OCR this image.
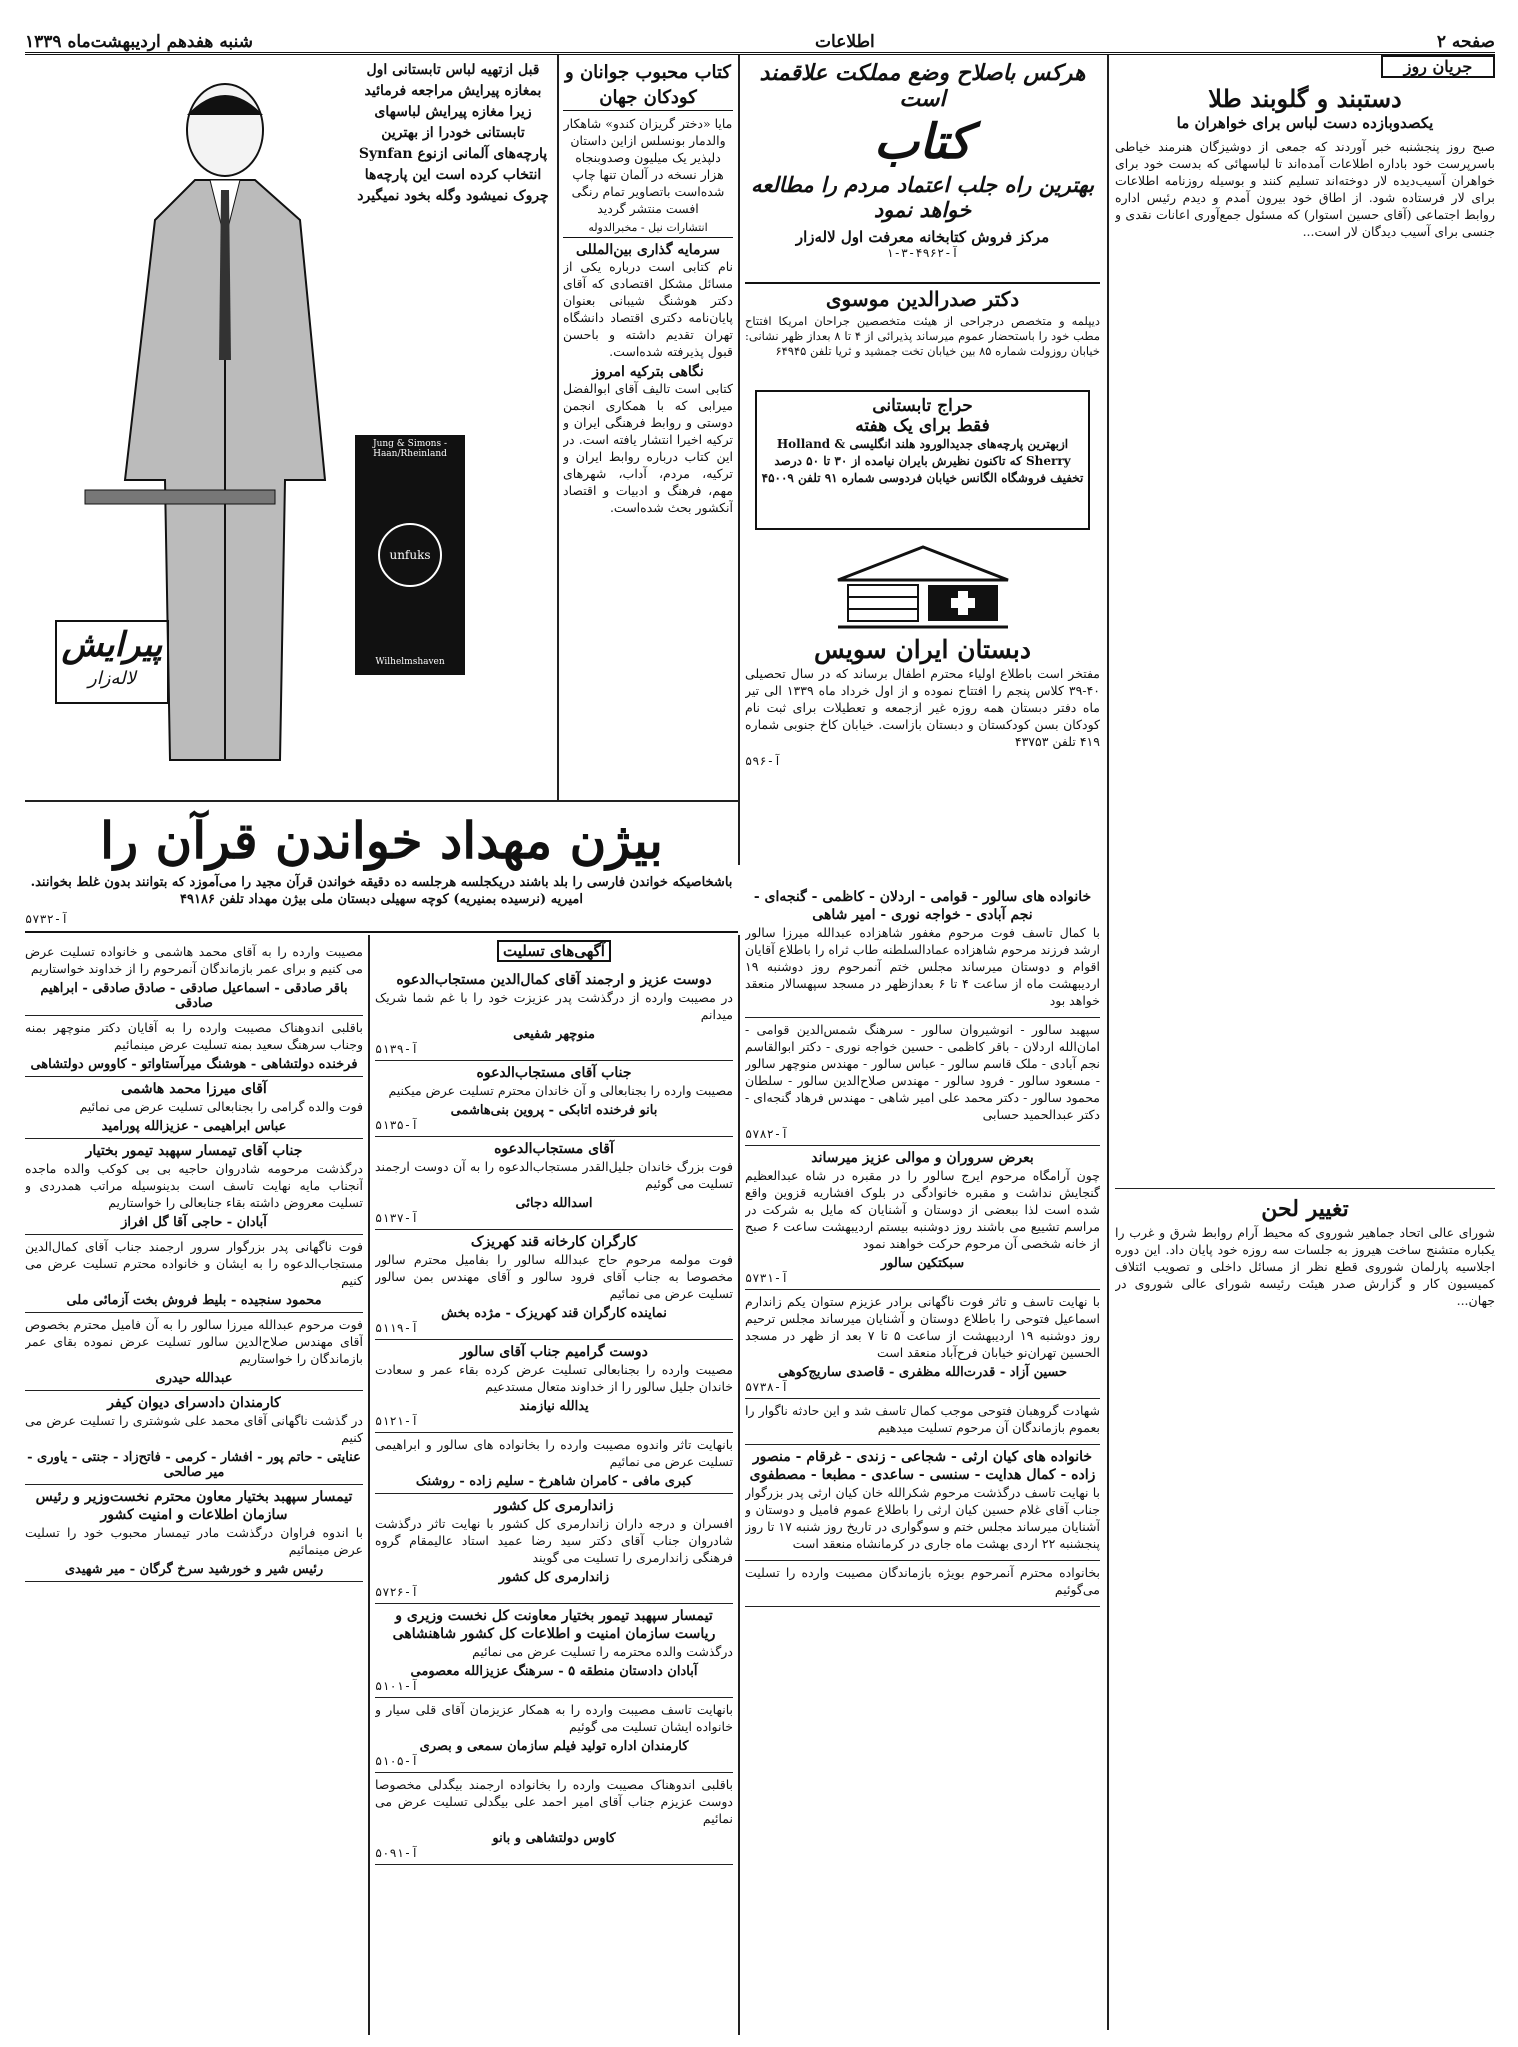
صفحه ۲
اطلاعات
شنبه هفدهم اردیبهشت‌ماه ۱۳۳۹
جریان روز
دستبند و گلوبند طلا
یکصدوبازده دست لباس برای خواهران ما

صبح روز پنجشنبه خبر آوردند که جمعی از دوشیزگان هنرمند خیاطی باسرپرست خود باداره اطلاعات آمده‌اند تا لباسهائی که بدست خود برای خواهران آسیب‌دیده لار دوخته‌اند تسلیم کنند و بوسیله روزنامه اطلاعات برای لار فرستاده شود. از اطاق خود بیرون آمدم و دیدم رئیس اداره روابط اجتماعی (آقای حسین استوار) که مسئول جمع‌آوری اعانات نقدی و جنسی برای آسیب دیدگان لار است...

تغییر لحن

شورای عالی اتحاد جماهیر شوروی که محیط آرام روابط شرق و غرب را یکباره متشنج ساخت هیروز به جلسات سه روزه خود پایان داد. این دوره اجلاسیه پارلمان شوروی قطع نظر از مسائل داخلی و تصویب ائتلاف کمیسیون کار و گزارش صدر هیئت رئیسه شورای عالی شوروی در جهان...

هرکس باصلاح وضع مملکت علاقمند است
کتاب
بهترین راه جلب اعتماد مردم را مطالعه خواهد نمود
مرکز فروش کتابخانه معرفت اول لاله‌زار
آ-۴۹۶۲-۳-۱
دکتر صدرالدین موسوی

دیپلمه و متخصص درجراحی از هیئت متخصصین جراحان امریکا افتتاح مطب خود را باستحضار عموم میرساند پذیرائی از ۴ تا ۸ بعداز ظهر نشانی: خیابان روزولت شماره ۸۵ بین خیابان تخت جمشید و ثریا تلفن ۶۴۹۴۵

حراج تابستانی
فقط برای یک هفته

ازبهترین پارچه‌های جدیدالورود هلند انگلیسی Holland & Sherry که تاکنون نظیرش بایران نیامده از ۳۰ تا ۵۰ درصد تخفیف فروشگاه الگانس خیابان فردوسی شماره ۹۱ تلفن ۴۵۰۰۹

دبستان ایران سویس

مفتخر است باطلاع اولیاء محترم اطفال برساند که در سال تحصیلی ۴۰-۳۹ کلاس پنجم را افتتاح نموده و از اول خرداد ماه ۱۳۳۹ الی تیر ماه دفتر دبستان همه روزه غیر ازجمعه و تعطیلات برای ثبت نام کودکان بسن کودکستان و دبستان بازاست. خیابان کاخ جنوبی شماره ۴۱۹ تلفن ۴۳۷۵۳

آ-۵۹۶
کتاب محبوب جوانان و کودکان جهان

مایا «دختر گریزان کندو» شاهکار والدمار بونسلس ازاین داستان دلپذیر یک میلیون وصدوبنجاه هزار نسخه در آلمان تنها چاپ شده‌است باتصاویر تمام رنگی افست منتشر گردید

انتشارات نیل - مخبرالدوله
سرمایه گذاری بین‌المللی

نام کتابی است درباره یکی از مسائل مشکل اقتصادی که آقای دکتر هوشنگ شیبانی بعنوان پایان‌نامه دکتری اقتصاد دانشگاه تهران تقدیم داشته و باحسن قبول پذیرفته شده‌است.

نگاهی بترکیه امروز

کتابی است تالیف آقای ابوالفضل میرابی که با همکاری انجمن دوستی و روابط فرهنگی ایران و ترکیه اخیرا انتشار یافته است. در این کتاب درباره روابط ایران و ترکیه، مردم، آداب، شهرهای مهم، فرهنگ و ادبیات و اقتصاد آنکشور بحث شده‌است.

قبل ازتهیه لباس تابستانی اول بمغازه پیرایش مراجعه فرمائید زیرا مغازه پیرایش لباسهای تابستانی خودرا از بهترین پارچه‌های آلمانی ازنوع Synfan انتخاب کرده است این پارچه‌ها چروک نمیشود وگله بخود نمیگیرد

Jung & Simons - Haan/Rheinland
unfuks
Wilhelmshaven
پیرایش
لاله‌زار
بیژن مهداد خواندن قرآن را

باشخاصیکه خواندن فارسی را بلد باشند دریکجلسه هرجلسه ده دقیقه خواندن قرآن مجید را می‌آموزد که بتوانند بدون غلط بخوانند. امیریه (نرسیده بمنیریه) کوچه سهیلی دبستان ملی بیژن مهداد تلفن ۴۹۱۸۶

آ-۵۷۳۲
خانواده های سالور - قوامی - اردلان - کاظمی - گنجه‌ای - نجم آبادی - خواجه نوری - امیر شاهی

با کمال تاسف فوت مرحوم مغفور شاهزاده عبدالله میرزا سالور ارشد فرزند مرحوم شاهزاده عمادالسلطنه طاب ثراه را باطلاع آقایان اقوام و دوستان میرساند مجلس ختم آنمرحوم روز دوشنبه ۱۹ اردیبهشت ماه از ساعت ۴ تا ۶ بعدازظهر در مسجد سپهسالار منعقد خواهد بود

سپهبد سالور - انوشیروان سالور - سرهنگ شمس‌الدین قوامی - امان‌الله اردلان - باقر کاظمی - حسین خواجه نوری - دکتر ابوالقاسم نجم آبادی - ملک قاسم سالور - عباس سالور - مهندس منوچهر سالور - مسعود سالور - فرود سالور - مهندس صلاح‌الدین سالور - سلطان محمود سالور - دکتر محمد علی امیر شاهی - مهندس فرهاد گنجه‌ای - دکتر عبدالحمید حسابی

آ-۵۷۸۲
بعرض سروران و موالی عزیز میرساند

چون آرامگاه مرحوم ایرج سالور را در مقبره در شاه عبدالعظیم گنجایش نداشت و مقبره خانوادگی در بلوک افشاریه قزوین واقع شده است لذا ببعضی از دوستان و آشنایان که مایل به شرکت در مراسم تشییع می باشند روز دوشنبه بیستم اردیبهشت ساعت ۶ صبح از خانه شخصی آن مرحوم حرکت خواهند نمود

سبکتکین سالور
آ-۵۷۳۱

با نهایت تاسف و تاثر فوت ناگهانی برادر عزیزم ستوان یکم زاندارم اسماعیل فتوحی را باطلاع دوستان و آشنایان میرساند مجلس ترحیم روز دوشنبه ۱۹ اردیبهشت از ساعت ۵ تا ۷ بعد از ظهر در مسجد الحسین تهران‌نو خیابان فرح‌آباد منعقد است

حسین آزاد - قدرت‌الله مظفری - قاصدی ساریج‌کوهی
آ-۵۷۳۸

شهادت گروهبان فتوحی موجب کمال تاسف شد و این حادثه ناگوار را بعموم بازماندگان آن مرحوم تسلیت میدهیم

خانواده های کیان ارثی - شجاعی - زندی - غرقام - منصور زاده - کمال هدایت - سنسی - ساعدی - مطبعا - مصطفوی

با نهایت تاسف درگذشت مرحوم شکرالله خان کیان ارثی پدر بزرگوار جناب آقای غلام حسین کیان ارثی را باطلاع عموم فامیل و دوستان و آشنایان میرساند مجلس ختم و سوگواری در تاریخ روز شنبه ۱۷ تا روز پنجشنبه ۲۲ اردی بهشت ماه جاری در کرمانشاه منعقد است

بخانواده محترم آنمرحوم بویژه بازماندگان مصیبت وارده را تسلیت می‌گوئیم

آگهی‌های تسلیت
دوست عزیز و ارجمند آقای کمال‌الدین مستجاب‌الدعوه

در مصیبت وارده از درگذشت پدر عزیزت خود را با غم شما شریک میدانم

منوچهر شفیعی
آ-۵۱۳۹
جناب آقای مستجاب‌الدعوه

مصیبت وارده را بجنابعالی و آن خاندان محترم تسلیت عرض میکنیم

بانو فرخنده اتابکی - پروین بنی‌هاشمی
آ-۵۱۳۵
آقای مستجاب‌الدعوه

فوت بزرگ خاندان جلیل‌القدر مستجاب‌الدعوه را به آن دوست ارجمند تسلیت می گوئیم

اسدالله دجائی
آ-۵۱۳۷
کارگران کارخانه قند کهریزک

فوت مولمه مرحوم حاج عبدالله سالور را بفامیل محترم سالور مخصوصا به جناب آقای فرود سالور و آقای مهندس بمن سالور تسلیت عرض می نمائیم

نماینده کارگران قند کهریزک - مژده بخش
آ-۵۱۱۹
دوست گرامیم جناب آقای سالور

مصیبت وارده را بجنابعالی تسلیت عرض کرده بقاء عمر و سعادت خاندان جلیل سالور را از خداوند متعال مستدعیم

یدالله نیازمند
آ-۵۱۲۱

بانهایت تاثر واندوه مصیبت وارده را بخانواده های سالور و ابراهیمی تسلیت عرض می نمائیم

کبری مافی - کامران شاهرخ - سلیم زاده - روشنک
زاندارمری کل کشور

افسران و درجه داران زاندارمری کل کشور با نهایت تاثر درگذشت شادروان جناب آقای دکتر سید رضا عمید استاد عالیمقام گروه فرهنگی زاندارمری را تسلیت می گویند

زاندارمری کل کشور
آ-۵۷۲۶
تیمسار سپهبد تیمور بختیار معاونت کل نخست وزیری و ریاست سازمان امنیت و اطلاعات کل کشور شاهنشاهی

درگذشت والده محترمه را تسلیت عرض می نمائیم

آبادان دادستان منطقه ۵ - سرهنگ عزیزالله معصومی
آ-۵۱۰۱

بانهایت تاسف مصیبت وارده را به همکار عزیزمان آقای قلی سیار و خانواده ایشان تسلیت می گوئیم

کارمندان اداره تولید فیلم سازمان سمعی و بصری
آ-۵۱۰۵

باقلبی اندوهناک مصیبت وارده را بخانواده ارجمند بیگدلی مخصوصا دوست عزیزم جناب آقای امیر احمد علی بیگدلی تسلیت عرض می نمائیم

کاوس دولتشاهی و بانو
آ-۵۰۹۱

مصیبت وارده را به آقای محمد هاشمی و خانواده تسلیت عرض می کنیم و برای عمر بازماندگان آنمرحوم را از خداوند خواستاریم

باقر صادقی - اسماعیل صادقی - صادق صادقی - ابراهیم صادقی

باقلبی اندوهناک مصیبت وارده را به آقایان دکتر منوچهر بمنه وجناب سرهنگ سعید بمنه تسلیت عرض مینمائیم

فرخنده دولتشاهی - هوشنگ میرآستاواتو - کاووس دولتشاهی
آقای میرزا محمد هاشمی

فوت والده گرامی را بجنابعالی تسلیت عرض می نمائیم

عباس ابراهیمی - عزیزالله پورامید
جناب آقای تیمسار سپهبد تیمور بختیار

درگذشت مرحومه شادروان حاجیه بی بی کوکب والده ماجده آنجناب مایه نهایت تاسف است بدینوسیله مراتب همدردی و تسلیت معروض داشته بقاء جنابعالی را خواستاریم

آبادان - حاجی آقا گل افراز

فوت ناگهانی پدر بزرگوار سرور ارجمند جناب آقای کمال‌الدین مستجاب‌الدعوه را به ایشان و خانواده محترم تسلیت عرض می کنیم

محمود سنجیده - بلیط فروش بخت آزمائی ملی

فوت مرحوم عبدالله میرزا سالور را به آن فامیل محترم بخصوص آقای مهندس صلاح‌الدین سالور تسلیت عرض نموده بقای عمر بازماندگان را خواستاریم

عبدالله حیدری
کارمندان دادسرای دیوان کیفر

در گذشت ناگهانی آقای محمد علی شوشتری را تسلیت عرض می کنیم

عنایتی - حاتم پور - افشار - کرمی - فاتح‌زاد - جنتی - یاوری - میر صالحی
تیمسار سپهبد بختیار معاون محترم نخست‌وزیر و رئیس سازمان اطلاعات و امنیت کشور

با اندوه فراوان درگذشت مادر تیمسار محبوب خود را تسلیت عرض مینمائیم

رئیس شیر و خورشید سرخ گرگان - میر شهیدی
